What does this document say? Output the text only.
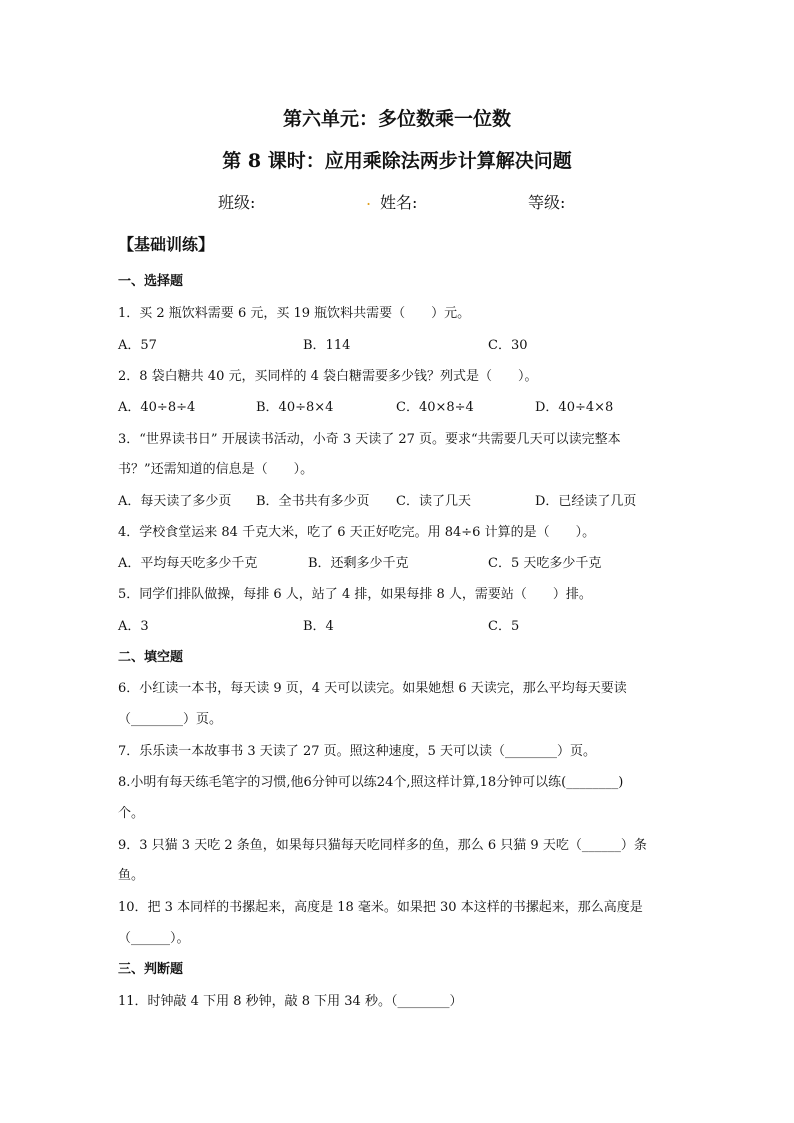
第六单元：多位数乘一位数
第 8 课时：应用乘除法两步计算解决问题
班级:	. 姓名:	等级:
【基础训练】
一、选择题
1．买 2 瓶饮料需要 6 元，买 19 瓶饮料共需要（　　）元。
A．57	B．114	C．30
2．8 袋白糖共 40 元，买同样的 4 袋白糖需要多少钱？列式是（　　）。
A．40÷8÷4	B．40÷8×4	C．40×8÷4	D．40÷4×8
3．“世界读书日” 开展读书活动，小奇 3 天读了 27 页。要求“共需要几天可以读完整本
书？”还需知道的信息是（　　）。
A．每天读了多少页 B．全书共有多少页 C．读了几天	D．已经读了几页
4．学校食堂运来 84 千克大米，吃了 6 天正好吃完。用 84÷6 计算的是（　　）。
A．平均每天吃多少千克	B．还剩多少千克	C．5 天吃多少千克
5．同学们排队做操，每排 6 人，站了 4 排，如果每排 8 人，需要站（　　）排。
A．3	B．4	C．5
二、填空题
6．小红读一本书，每天读 9 页，4 天可以读完。如果她想 6 天读完，那么平均每天要读
（________）页。
7．乐乐读一本故事书 3 天读了 27 页。照这种速度，5 天可以读（________）页。
8.小明有每天练毛笔字的习惯,他6分钟可以练24个,照这样计算,18分钟可以练(________)
个。
9．3 只猫 3 天吃 2 条鱼，如果每只猫每天吃同样多的鱼，那么 6 只猫 9 天吃（______）条
鱼。
10．把 3 本同样的书摞起来，高度是 18 毫米。如果把 30 本这样的书摞起来，那么高度是
（______）。
三、判断题
11．时钟敲 4 下用 8 秒钟，敲 8 下用 34 秒。（________）
